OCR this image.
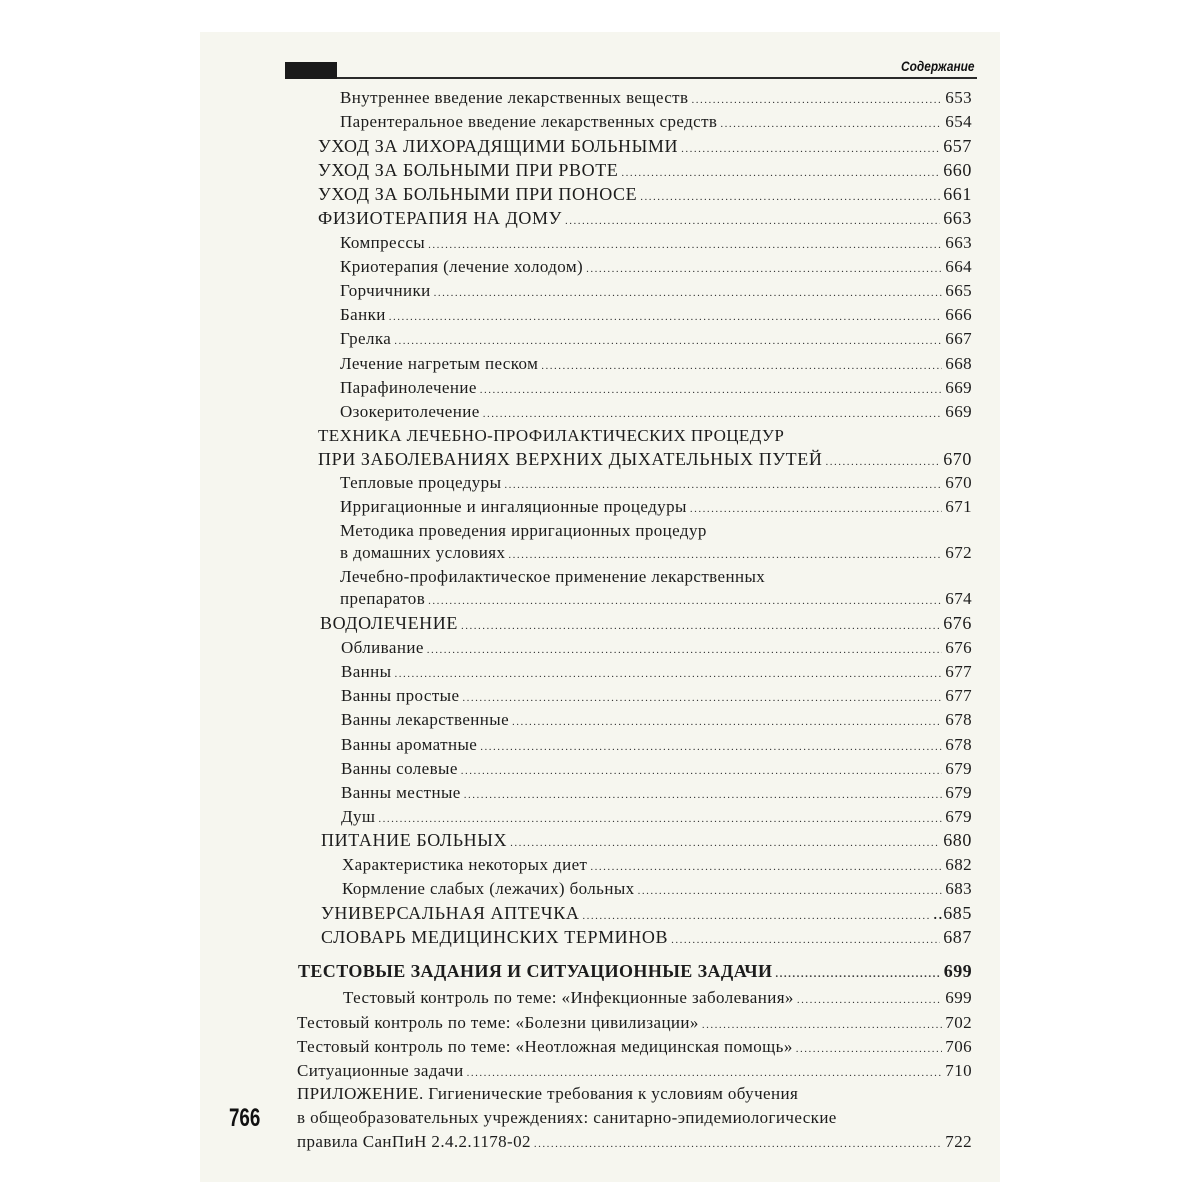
Содержание
Внутреннее введение лекарственных веществ .....	653
Парентеральное введение лекарственных средств .....	654
УХОД ЗА ЛИХОРАДЯЩИМИ БОЛЬНЫМИ .....	657
УХОД ЗА БОЛЬНЫМИ ПРИ РВОТЕ .....	660
УХОД ЗА БОЛЬНЫМИ ПРИ ПОНОСЕ .....	661
ФИЗИОТЕРАПИЯ НА ДОМУ .....	663
Компрессы .....	663
Криотерапия (лечение холодом) .....	664
Горчичники .....	665
Банки .....	666
Грелка .....	667
Лечение нагретым песком .....	668
Парафинолечение .....	669
Озокеритолечение .....	669
ТЕХНИКА ЛЕЧЕБНО-ПРОФИЛАКТИЧЕСКИХ ПРОЦЕДУР
ПРИ ЗАБОЛЕВАНИЯХ ВЕРХНИХ ДЫХАТЕЛЬНЫХ ПУТЕЙ .....	670
Тепловые процедуры .....	670
Ирригационные и ингаляционные процедуры .....	671
Методика проведения ирригационных процедур
в домашних условиях .....	672
Лечебно-профилактическое применение лекарственных
препаратов .....	674
ВОДОЛЕЧЕНИЕ .....	676
Обливание .....	676
Ванны .....	677
Ванны простые .....	677
Ванны лекарственные .....	678
Ванны ароматные .....	678
Ванны солевые .....	679
Ванны местные .....	679
Душ .....	679
ПИТАНИЕ БОЛЬНЫХ .....	680
Характеристика некоторых диет .....	682
Кормление слабых (лежачих) больных .....	683
УНИВЕРСАЛЬНАЯ АПТЕЧКА .....	..685
СЛОВАРЬ МЕДИЦИНСКИХ ТЕРМИНОВ .....	687
ТЕСТОВЫЕ ЗАДАНИЯ И СИТУАЦИОННЫЕ ЗАДАЧИ .....	699
Тестовый контроль по теме: «Инфекционные заболевания» .....	699
Тестовый контроль по теме: «Болезни цивилизации» .....	702
Тестовый контроль по теме: «Неотложная медицинская помощь» .....	706
Ситуационные задачи .....	710
ПРИЛОЖЕНИЕ. Гигиенические требования к условиям обучения
в общеобразовательных учреждениях: санитарно-эпидемиологические
правила СанПиН 2.4.2.1178-02 .....	722
766
